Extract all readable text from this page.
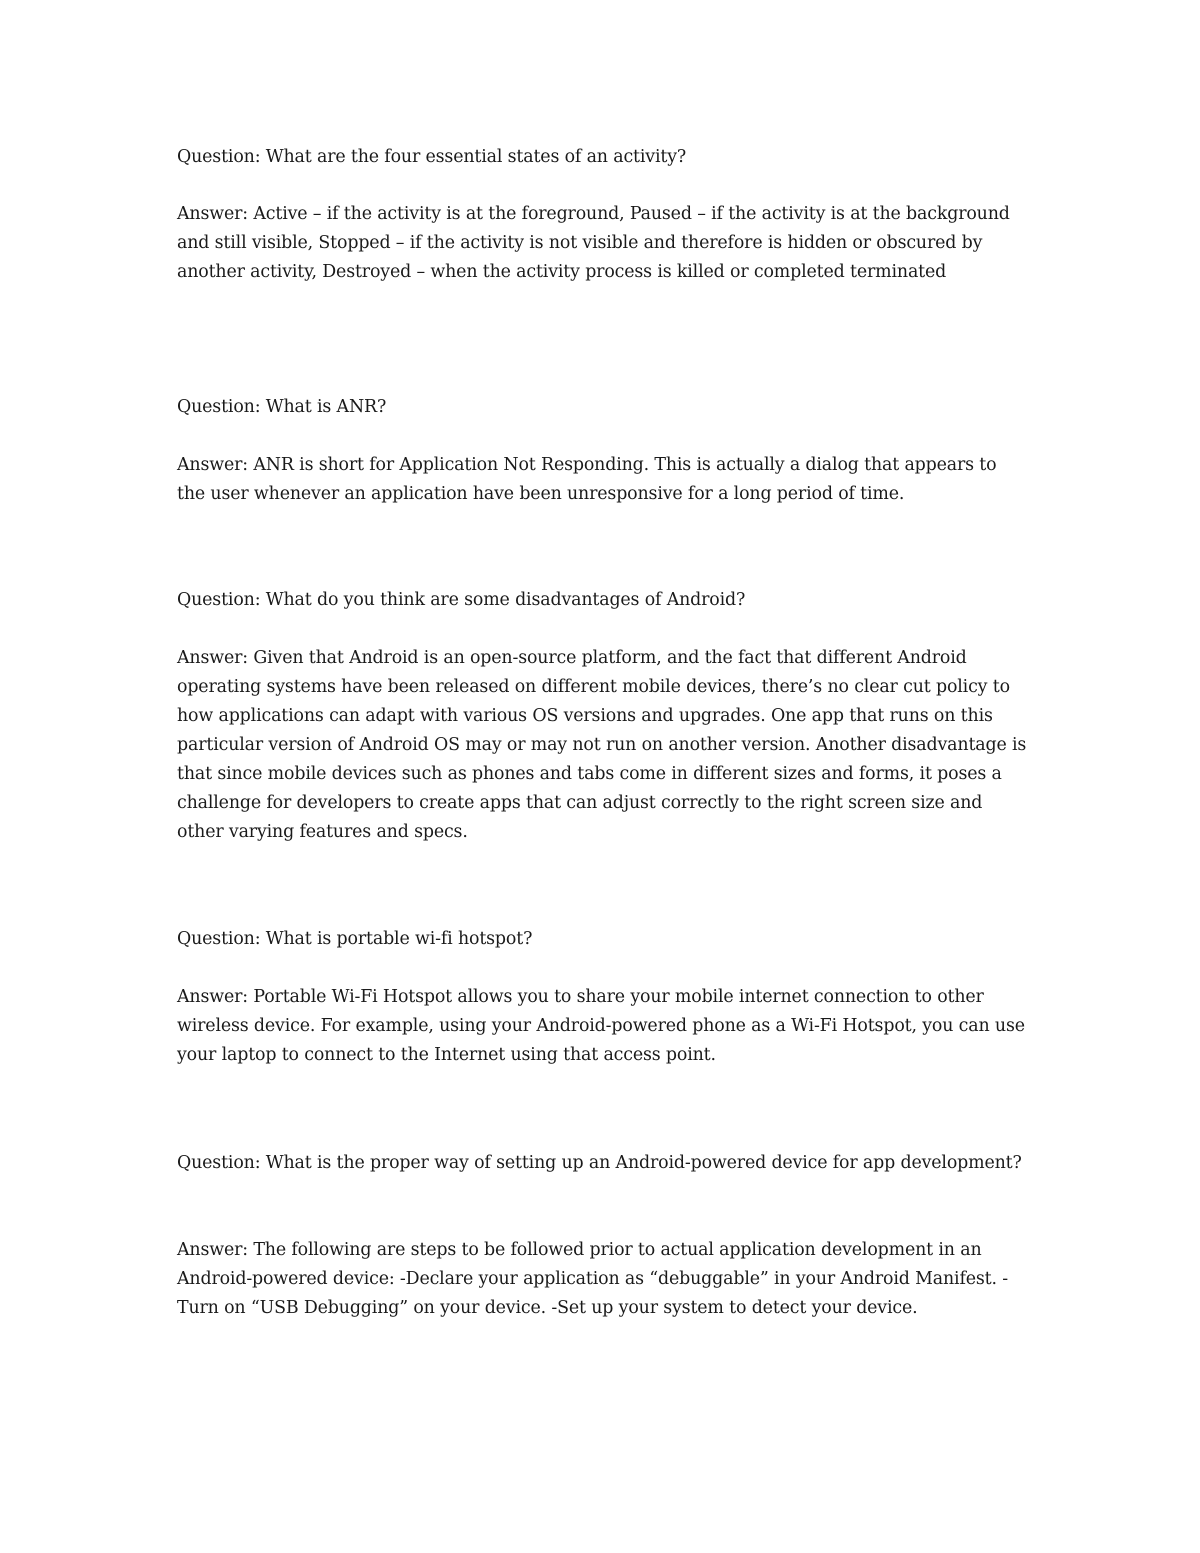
Question: What are the four essential states of an activity?

Answer: Active – if the activity is at the foreground, Paused – if the activity is at the background and still visible, Stopped – if the activity is not visible and therefore is hidden or obscured by another activity, Destroyed – when the activity process is killed or completed terminated

Question: What is ANR?

Answer: ANR is short for Application Not Responding. This is actually a dialog that appears to the user whenever an application have been unresponsive for a long period of time.

Question: What do you think are some disadvantages of Android?

Answer: Given that Android is an open-source platform, and the fact that different Android operating systems have been released on different mobile devices, there’s no clear cut policy to how applications can adapt with various OS versions and upgrades. One app that runs on this particular version of Android OS may or may not run on another version. Another disadvantage is that since mobile devices such as phones and tabs come in different sizes and forms, it poses a challenge for developers to create apps that can adjust correctly to the right screen size and other varying features and specs.

Question: What is portable wi-fi hotspot?

Answer: Portable Wi-Fi Hotspot allows you to share your mobile internet connection to other wireless device. For example, using your Android-powered phone as a Wi-Fi Hotspot, you can use your laptop to connect to the Internet using that access point.

Question: What is the proper way of setting up an Android-powered device for app development?

Answer: The following are steps to be followed prior to actual application development in an Android-powered device: -Declare your application as “debuggable” in your Android Manifest. -Turn on “USB Debugging” on your device. -Set up your system to detect your device.
